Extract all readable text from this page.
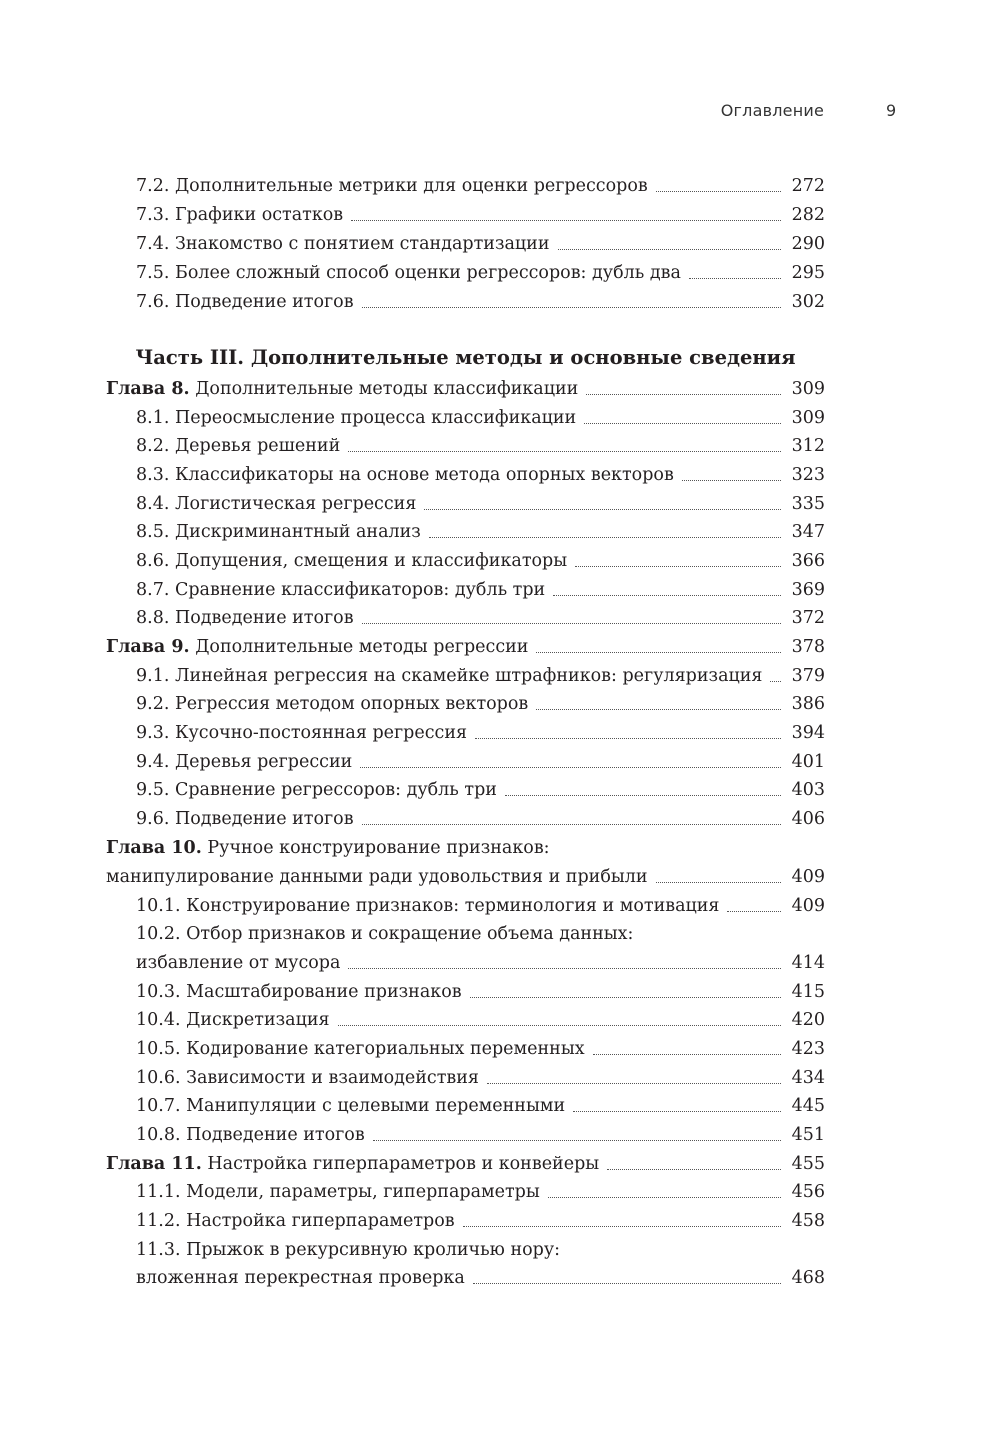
Оглавление	9
Часть III. Дополнительные методы и основные сведения
7.2. Дополнительные метрики для оценки регрессоров	272
7.3. Графики остатков	282
7.4. Знакомство с понятием стандартизации	290
7.5. Более сложный способ оценки регрессоров: дубль два	295
7.6. Подведение итогов	302
Глава 8. Дополнительные методы классификации	309
8.1. Переосмысление процесса классификации	309
8.2. Деревья решений	312
8.3. Классификаторы на основе метода опорных векторов	323
8.4. Логистическая регрессия	335
8.5. Дискриминантный анализ	347
8.6. Допущения, смещения и классификаторы	366
8.7. Сравнение классификаторов: дубль три	369
8.8. Подведение итогов	372
Глава 9. Дополнительные методы регрессии	378
9.1. Линейная регрессия на скамейке штрафников: регуляризация 379
9.2. Регрессия методом опорных векторов	386
9.3. Кусочно-постоянная регрессия	394
9.4. Деревья регрессии	401
9.5. Сравнение регрессоров: дубль три	403
9.6. Подведение итогов	406
Глава 10. Ручное конструирование признаков:
манипулирование данными ради удовольствия и прибыли	409
10.1. Конструирование признаков: терминология и мотивация	409
10.2. Отбор признаков и сокращение объема данных:
избавление от мусора	414
10.3. Масштабирование признаков	415
10.4. Дискретизация	420
10.5. Кодирование категориальных переменных	423
10.6. Зависимости и взаимодействия	434
10.7. Манипуляции с целевыми переменными	445
10.8. Подведение итогов	451
Глава 11. Настройка гиперпараметров и конвейеры	455
11.1. Модели, параметры, гиперпараметры	456
11.2. Настройка гиперпараметров	458
11.3. Прыжок в рекурсивную кроличью нору:
вложенная перекрестная проверка	468
